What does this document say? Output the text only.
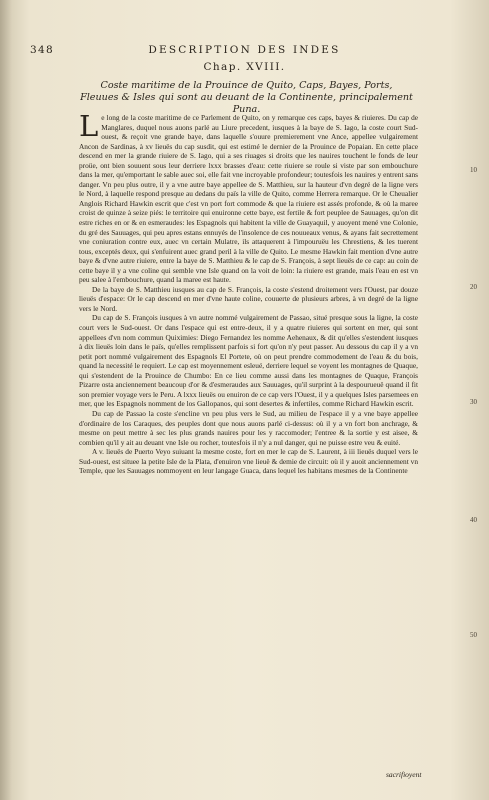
348	DESCRIPTION DES INDES
Chap. XVIII.
Coste maritime de la Prouince de Quito, Caps, Bayes, Ports, Fleuues & Isles qui sont au deuant de la Continente, principalement Puna.

Le long de la coste maritime de ce Parlement de Quito, on y remarque ces caps, bayes & riuieres. Du cap de Manglares, duquel nous auons parlé au Liure precedent, iusques à la baye de S. Iago, la coste court Sud-ouest, & reçoit vne grande baye, dans laquelle s'ouure premierement vne Ance, appellee vulgairement Ancon de Sardinas, à xv lieuës du cap susdit, qui est estimé le dernier de la Prouince de Popaian. En cette place descend en mer la grande riuiere de S. Iago, qui a ses riuages si droits que les nauires touchent le fonds de leur proüe, ont bien souuent sous leur derriere lxxx brasses d'eau: cette riuiere se roule si viste par son embouchure dans la mer, qu'emportant le sable auec soi, elle fait vne incroyable profondeur; toutesfois les nauires y entrent sans danger. Vn peu plus outre, il y a vne autre baye appellee de S. Matthieu, sur la hauteur d'vn degré de la ligne vers le Nord, à laquelle respond presque au dedans du païs la ville de Quito, comme Herrera remarque. Or le Cheualier Anglois Richard Hawkin escrit que c'est vn port fort commode & que la riuiere est assés profonde, & où la maree croist de quinze à seize piés: le territoire qui enuironne cette baye, est fertile & fort peuplee de Sauuages, qu'on dit estre riches en or & en esmeraudes: les Espagnols qui habitent la ville de Guayaquil, y auoyent mené vne Colonie, du gré des Sauuages, qui peu apres estans ennuyés de l'insolence de ces nouueaux venus, & ayans fait secrettement vne coniuration contre eux, auec vn certain Mulatre, ils attaquerent à l'impouruëu les Chrestiens, & les tuerent tous, exceptés deux, qui s'enfuirent auec grand peril à la ville de Quito. Le mesme Hawkin fait mention d'vne autre baye & d'vne autre riuiere, entre la baye de S. Matthieu & le cap de S. François, à sept lieuës de ce cap: au coin de cette baye il y a vne coline qui semble vne Isle quand on la voit de loin: la riuiere est grande, mais l'eau en est vn peu salee à l'embouchure, quand la maree est haute.

De la baye de S. Matthieu iusques au cap de S. François, la coste s'estend droitement vers l'Ouest, par douze lieuës d'espace: Or le cap descend en mer d'vne haute coline, couuerte de plusieurs arbres, à vn degré de la ligne vers le Nord.

Du cap de S. François iusques à vn autre nommé vulgairement de Passao, situé presque sous la ligne, la coste court vers le Sud-ouest. Or dans l'espace qui est entre-deux, il y a quatre riuieres qui sortent en mer, qui sont appellees d'vn nom commun Quiximies: Diego Fernandez les nomme Aehenaux, & dit qu'elles s'estendent iusques à dix lieuës loin dans le païs, qu'elles remplissent parfois si fort qu'on n'y peut passer. Au dessous du cap il y a vn petit port nommé vulgairement des Espagnols El Portete, où on peut prendre commodement de l'eau & du bois, quand la necessité le requiert. Le cap est moyennement esleué, derriere lequel se voyent les montagnes de Quaque, qui s'estendent de la Prouince de Chumbo: En ce lieu comme aussi dans les montagnes de Quaque, François Pizarre osta anciennement beaucoup d'or & d'esmeraudes aux Sauuages, qu'il surprint à la despourueuë quand il fit son premier voyage vers le Peru. A lxxx lieuës ou enuiron de ce cap vers l'Ouest, il y a quelques Isles parsemees en mer, que les Espagnols nomment de los Gallopanos, qui sont desertes & infertiles, comme Richard Hawkin escrit.

Du cap de Passao la coste s'encline vn peu plus vers le Sud, au milieu de l'espace il y a vne baye appellee d'ordinaire de los Caraques, des peuples dont que nous auons parlé ci-dessus: où il y a vn fort bon anchrage, & mesme on peut mettre à sec les plus grands nauires pour les y raccomoder; l'entree & la sortie y est aisee, & combien qu'il y ait au deuant vne Isle ou rocher, toutesfois il n'y a nul danger, qui ne puisse estre veu & euité.

A v. lieuës de Puerto Veyo suiuant la mesme coste, fort en mer le cap de S. Laurent, à iii lieuës duquel vers le Sud-ouest, est situee la petite Isle de la Plata, d'enuiron vne lieuë & demie de circuit: où il y auoit anciennement vn Temple, que les Sauuages nommoyent en leur langage Guaca, dans lequel les habitans mesmes de la Continente

10
20
30
40
50
sacrifioyent
